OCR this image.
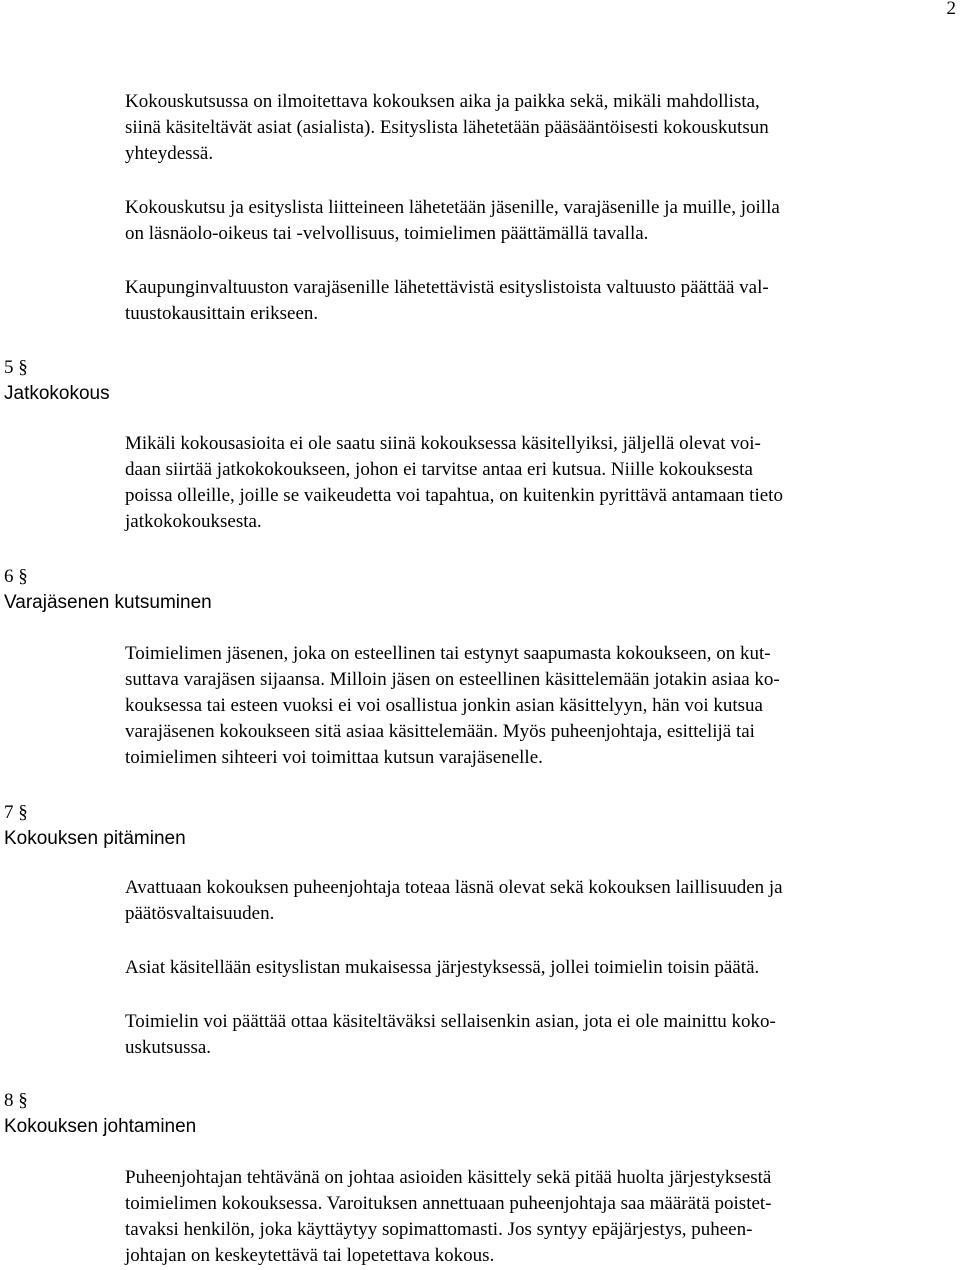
2

Kokouskutsussa on ilmoitettava kokouksen aika ja paikka sekä, mikäli mahdollista,
siinä käsiteltävät asiat (asialista). Esityslista lähetetään pääsääntöisesti kokouskutsun
yhteydessä.

Kokouskutsu ja esityslista liitteineen lähetetään jäsenille, varajäsenille ja muille, joilla
on läsnäolo-oikeus tai -velvollisuus, toimielimen päättämällä tavalla.

Kaupunginvaltuuston varajäsenille lähetettävistä esityslistoista valtuusto päättää val-
tuustokausittain erikseen.

5 §
Jatkokokous

Mikäli kokousasioita ei ole saatu siinä kokouksessa käsitellyiksi, jäljellä olevat voi-
daan siirtää jatkokokoukseen, johon ei tarvitse antaa eri kutsua. Niille kokouksesta
poissa olleille, joille se vaikeudetta voi tapahtua, on kuitenkin pyrittävä antamaan tieto
jatkokokouksesta.

6 §
Varajäsenen kutsuminen

Toimielimen jäsenen, joka on esteellinen tai estynyt saapumasta kokoukseen, on kut-
suttava varajäsen sijaansa. Milloin jäsen on esteellinen käsittelemään jotakin asiaa ko-
kouksessa tai esteen vuoksi ei voi osallistua jonkin asian käsittelyyn, hän voi kutsua
varajäsenen kokoukseen sitä asiaa käsittelemään. Myös puheenjohtaja, esittelijä tai
toimielimen sihteeri voi toimittaa kutsun varajäsenelle.

7 §
Kokouksen pitäminen

Avattuaan kokouksen puheenjohtaja toteaa läsnä olevat sekä kokouksen laillisuuden ja
päätösvaltaisuuden.

Asiat käsitellään esityslistan mukaisessa järjestyksessä, jollei toimielin toisin päätä.

Toimielin voi päättää ottaa käsiteltäväksi sellaisenkin asian, jota ei ole mainittu koko-
uskutsussa.

8 §
Kokouksen johtaminen

Puheenjohtajan tehtävänä on johtaa asioiden käsittely sekä pitää huolta järjestyksestä
toimielimen kokouksessa. Varoituksen annettuaan puheenjohtaja saa määrätä poistet-
tavaksi henkilön, joka käyttäytyy sopimattomasti. Jos syntyy epäjärjestys, puheen-
johtajan on keskeytettävä tai lopetettava kokous.
